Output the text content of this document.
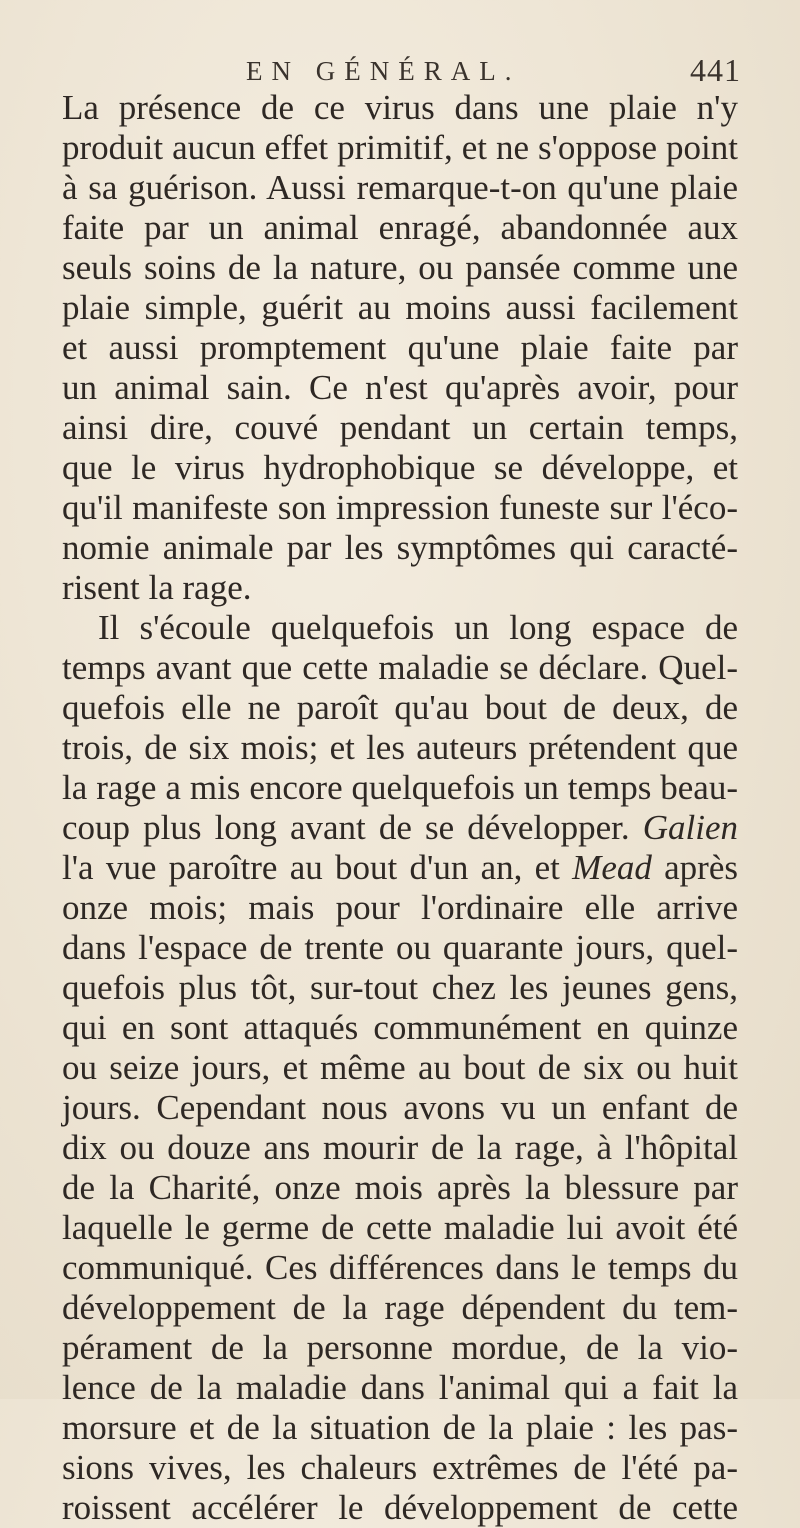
EN GÉNÉRAL.	441
La présence de ce virus dans une plaie n'y
produit aucun effet primitif, et ne s'oppose point
à sa guérison. Aussi remarque-t-on qu'une plaie
faite par un animal enragé, abandonnée aux
seuls soins de la nature, ou pansée comme une
plaie simple, guérit au moins aussi facilement
et aussi promptement qu'une plaie faite par
un animal sain. Ce n'est qu'après avoir, pour
ainsi dire, couvé pendant un certain temps,
que le virus hydrophobique se développe, et
qu'il manifeste son impression funeste sur l'éco-
nomie animale par les symptômes qui caracté-
risent la rage.
Il s'écoule quelquefois un long espace de
temps avant que cette maladie se déclare. Quel-
quefois elle ne paroît qu'au bout de deux, de
trois, de six mois; et les auteurs prétendent que
la rage a mis encore quelquefois un temps beau-
coup plus long avant de se développer. Galien
l'a vue paroître au bout d'un an, et Mead après
onze mois; mais pour l'ordinaire elle arrive
dans l'espace de trente ou quarante jours, quel-
quefois plus tôt, sur-tout chez les jeunes gens,
qui en sont attaqués communément en quinze
ou seize jours, et même au bout de six ou huit
jours. Cependant nous avons vu un enfant de
dix ou douze ans mourir de la rage, à l'hôpital
de la Charité, onze mois après la blessure par
laquelle le germe de cette maladie lui avoit été
communiqué. Ces différences dans le temps du
développement de la rage dépendent du tem-
pérament de la personne mordue, de la vio-
lence de la maladie dans l'animal qui a fait la
morsure et de la situation de la plaie : les pas-
sions vives, les chaleurs extrêmes de l'été pa-
roissent accélérer le développement de cette
